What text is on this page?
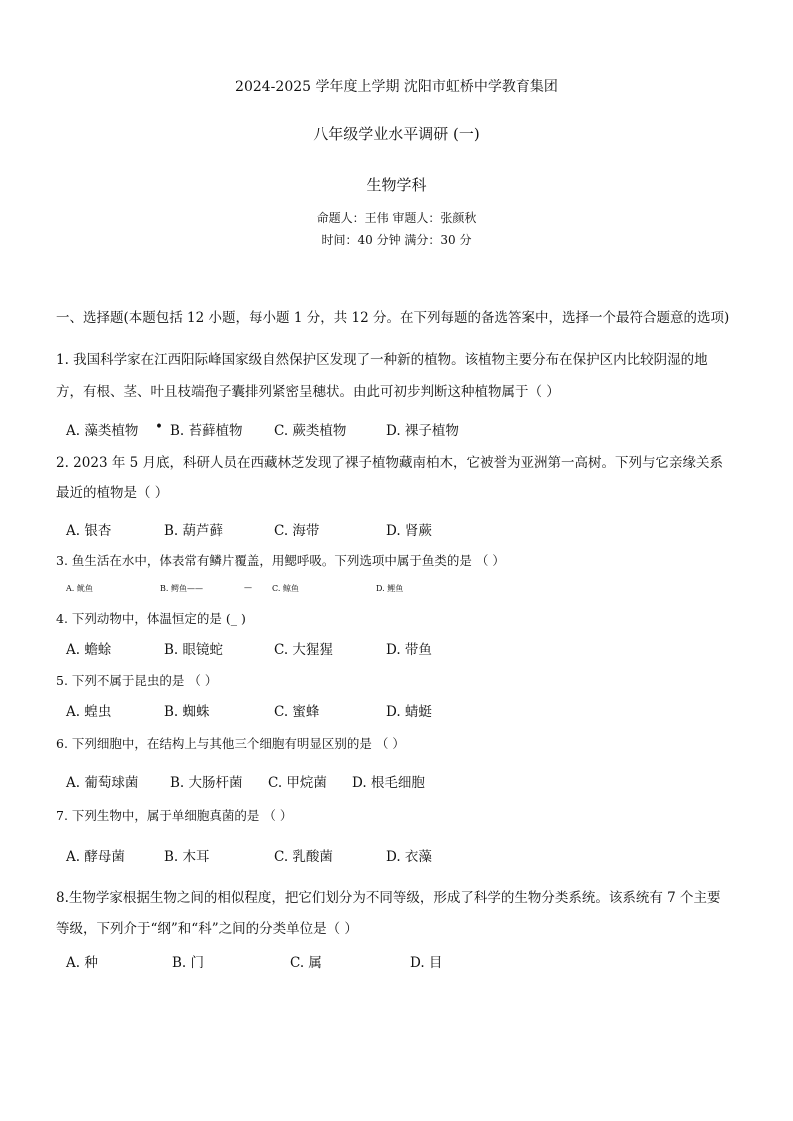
2024-2025 学年度上学期 沈阳市虹桥中学教育集团
八年级学业水平调研 (一)
生物学科
命题人：王伟 审题人：张颜秋
时间：40 分钟 满分：30 分
一、选择题(本题包括 12 小题，每小题 1 分，共 12 分。在下列每题的备选答案中，选择一个最符合题意的选项)
1. 我国科学家在江西阳际峰国家级自然保护区发现了一种新的植物。该植物主要分布在保护区内比较阴湿的地
方，有根、茎、叶且枝端孢子囊排列紧密呈穗状。由此可初步判断这种植物属于（ ）
A. 藻类植物 • B. 苔藓植物 C. 蕨类植物	D. 裸子植物
2. 2023 年 5 月底，科研人员在西藏林芝发现了裸子植物藏南柏木，它被誉为亚洲第一高树。下列与它亲缘关系
最近的植物是（ ）
A. 银杏	B. 葫芦藓	C. 海带	D. 肾蕨
3. 鱼生活在水中，体表常有鳞片覆盖，用鳃呼吸。下列选项中属于鱼类的是 （ ）
A. 鱿鱼	B. 鳄鱼——	—	C. 鲸鱼	D. 鲤鱼
4. 下列动物中，体温恒定的是 (_ )
A. 蟾蜍	B. 眼镜蛇	C. 大猩猩	D. 带鱼
5. 下列不属于昆虫的是 （ ）
A. 蝗虫	B. 蜘蛛	C. 蜜蜂	D. 蜻蜓
6. 下列细胞中，在结构上与其他三个细胞有明显区别的是 （ ）
A. 葡萄球菌 B. 大肠杆菌 C. 甲烷菌 D. 根毛细胞
7. 下列生物中，属于单细胞真菌的是 （ ）
A. 酵母菌	B. 木耳	C. 乳酸菌	D. 衣藻
8.生物学家根据生物之间的相似程度，把它们划分为不同等级，形成了科学的生物分类系统。该系统有 7 个主要
等级，下列介于“纲”和“科”之间的分类单位是（ ）
A. 种	B. 门	C. 属	D. 目
